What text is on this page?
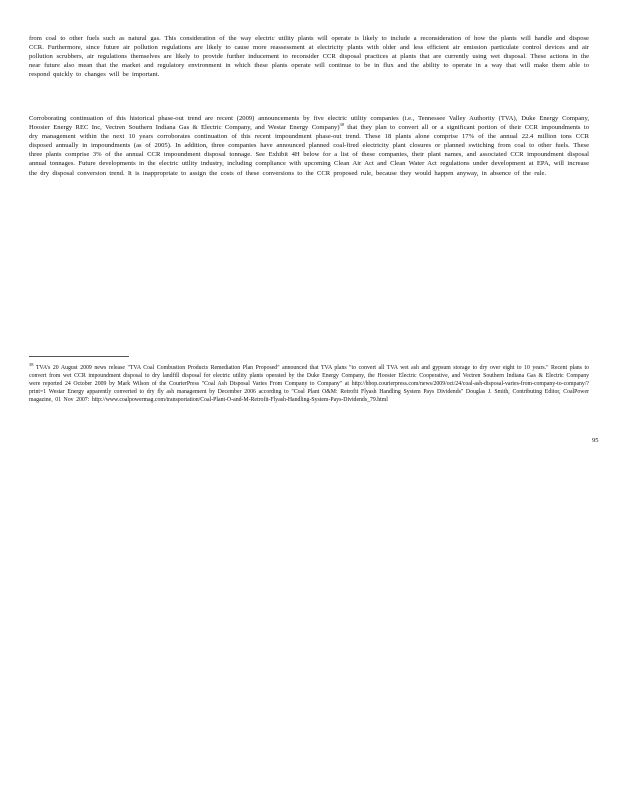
from coal to other fuels such as natural gas. This consideration of the way electric utility plants will operate is likely to include a reconsideration of how the plants will handle and dispose CCR. Furthermore, since future air pollution regulations are likely to cause more reassessment at electricity plants with older and less efficient air emission particulate control devices and air pollution scrubbers, air regulations themselves are likely to provide further inducement to reconsider CCR disposal practices at plants that are currently using wet disposal. These actions in the near future also mean that the market and regulatory environment in which these plants operate will continue to be in flux and the ability to operate in a way that will make them able to respond quickly to changes will be important.

Corroborating continuation of this historical phase-out trend are recent (2009) announcements by five electric utility companies (i.e., Tennessee Valley Authority (TVA), Duke Energy Company, Hoosier Energy REC Inc, Vectren Southern Indiana Gas & Electric Company, and Westar Energy Company)$^{38}$ that they plan to convert all or a significant portion of their CCR impoundments to dry management within the next 10 years corroborates continuation of this recent impoundment phase-out trend. These 18 plants alone comprise 17% of the annual 22.4 million tons CCR disposed annually in impoundments (as of 2005). In addition, three companies have announced planned coal-fired electricity plant closures or planned switching from coal to other fuels. These three plants comprise 3% of the annual CCR impoundment disposal tonnage. See Exhibit 4H below for a list of these companies, their plant names, and associated CCR impoundment disposal annual tonnages. Future developments in the electric utility industry, including compliance with upcoming Clean Air Act and Clean Water Act regulations under development at EPA, will increase the dry disposal conversion trend. It is inappropriate to assign the costs of these conversions to the CCR proposed rule, because they would happen anyway, in absence of the rule.

$^{38}$ TVA's 20 August 2009 news release "TVA Coal Combustion Products Remediation Plan Proposed" announced that TVA plans "to convert all TVA wet ash and gypsum storage to dry over eight to 10 years." Recent plans to convert from wet CCR impoundment disposal to dry landfill disposal for electric utility plants operated by the Duke Energy Company, the Hoosier Electric Cooperative, and Vectren Southern Indiana Gas & Electric Company were reported 24 October 2009 by Mark Wilson of the CourierPress "Coal Ash Disposal Varies From Company to Company" at http://hbop.courierpress.com/news/2009/oct/24/coal-ash-disposal-varies-from-company-to-company/?print=1 Westar Energy apparently converted to dry fly ash management by December 2006 according to "Coal Plant O&M: Retrofit Flyash Handling System Pays Dividends" Douglas J. Smith, Contributing Editor, CoalPower magazine, 01 Nov 2007: http://www.coalpowermag.com/transportation/Coal-Plant-O-and-M-Retrofit-Flyash-Handling-System-Pays-Dividends_79.html

95
